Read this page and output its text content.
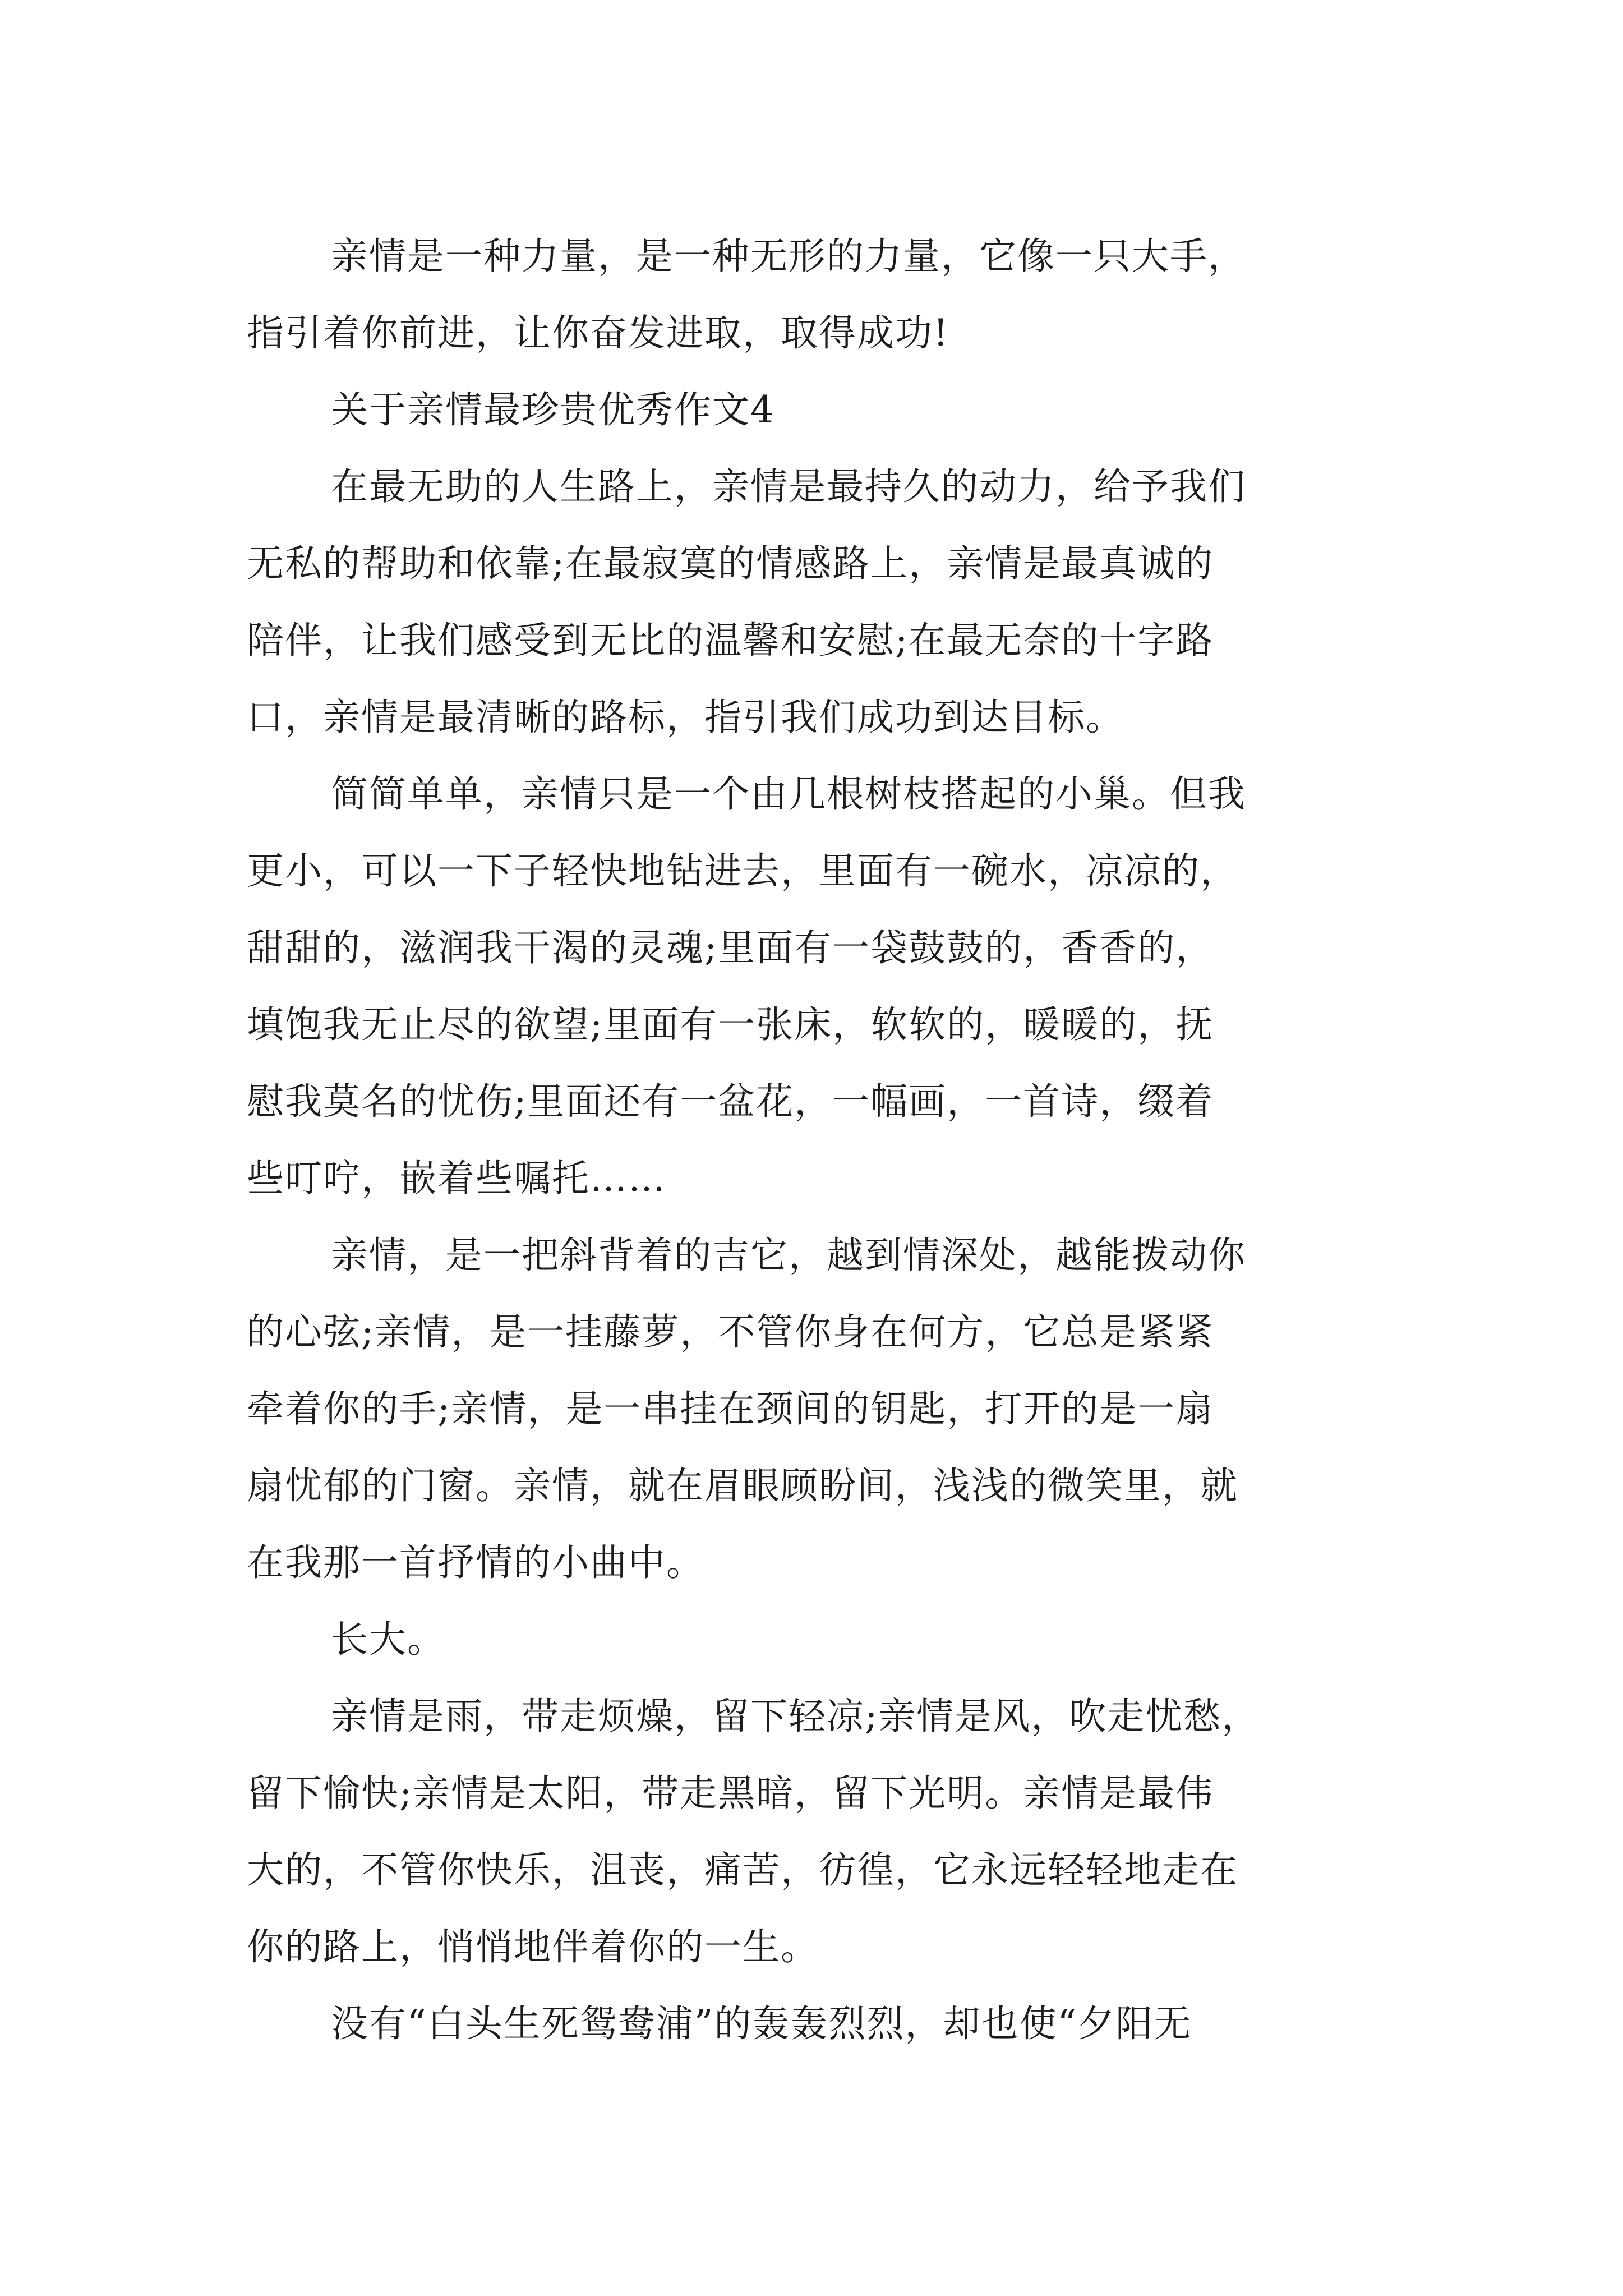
亲情是一种力量，是一种无形的力量，它像一只大手，
指引着你前进，让你奋发进取，取得成功!
关于亲情最珍贵优秀作文4
在最无助的人生路上，亲情是最持久的动力，给予我们
无私的帮助和依靠;在最寂寞的情感路上，亲情是最真诚的
陪伴，让我们感受到无比的温馨和安慰;在最无奈的十字路
口，亲情是最清晰的路标，指引我们成功到达目标。
简简单单，亲情只是一个由几根树枝搭起的小巢。但我
更小，可以一下子轻快地钻进去，里面有一碗水，凉凉的，
甜甜的，滋润我干渴的灵魂;里面有一袋鼓鼓的，香香的，
填饱我无止尽的欲望;里面有一张床，软软的，暖暖的，抚
慰我莫名的忧伤;里面还有一盆花，一幅画，一首诗，缀着
些叮咛，嵌着些嘱托……
亲情，是一把斜背着的吉它，越到情深处，越能拨动你
的心弦;亲情，是一挂藤萝，不管你身在何方，它总是紧紧
牵着你的手;亲情，是一串挂在颈间的钥匙，打开的是一扇
扇忧郁的门窗。亲情，就在眉眼顾盼间，浅浅的微笑里，就
在我那一首抒情的小曲中。
长大。
亲情是雨，带走烦燥，留下轻凉;亲情是风，吹走忧愁，
留下愉快;亲情是太阳，带走黑暗，留下光明。亲情是最伟
大的，不管你快乐，沮丧，痛苦，彷徨，它永远轻轻地走在
你的路上，悄悄地伴着你的一生。
没有“白头生死鸳鸯浦”的轰轰烈烈，却也使“夕阳无
